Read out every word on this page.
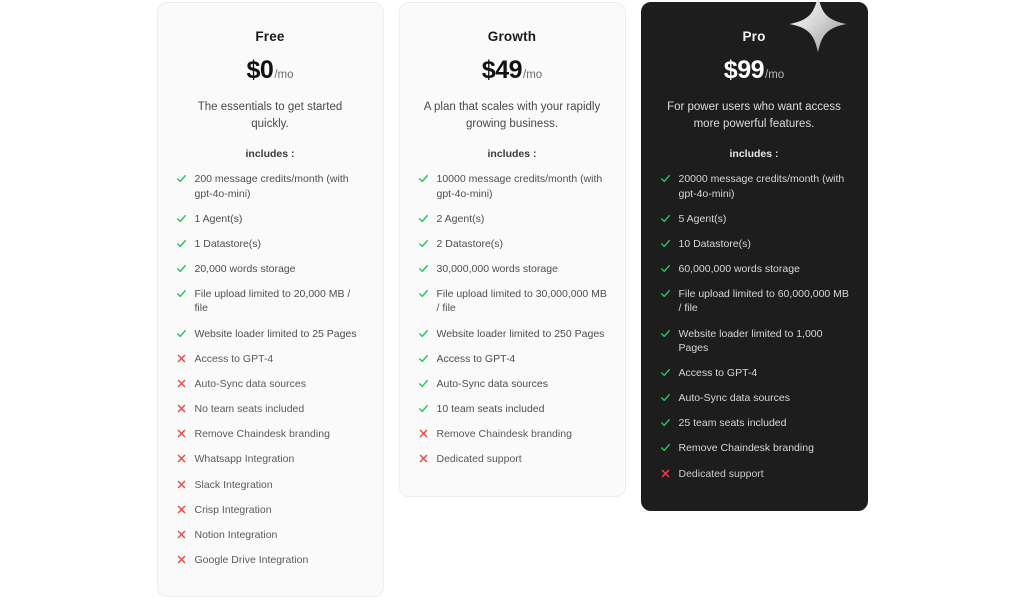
Free
$0/mo
The essentials to get started quickly.
includes :
200 message credits/month (with gpt-4o-mini)
1 Agent(s)
1 Datastore(s)
20,000 words storage
File upload limited to 20,000 MB / file
Website loader limited to 25 Pages
Access to GPT-4
Auto-Sync data sources
No team seats included
Remove Chaindesk branding
Whatsapp Integration
Slack Integration
Crisp Integration
Notion Integration
Google Drive Integration
Growth
$49/mo
A plan that scales with your rapidly growing business.
includes :
10000 message credits/month (with gpt-4o-mini)
2 Agent(s)
2 Datastore(s)
30,000,000 words storage
File upload limited to 30,000,000 MB / file
Website loader limited to 250 Pages
Access to GPT-4
Auto-Sync data sources
10 team seats included
Remove Chaindesk branding
Dedicated support
Pro
$99/mo
For power users who want access more powerful features.
includes :
20000 message credits/month (with gpt-4o-mini)
5 Agent(s)
10 Datastore(s)
60,000,000 words storage
File upload limited to 60,000,000 MB / file
Website loader limited to 1,000 Pages
Access to GPT-4
Auto-Sync data sources
25 team seats included
Remove Chaindesk branding
Dedicated support
